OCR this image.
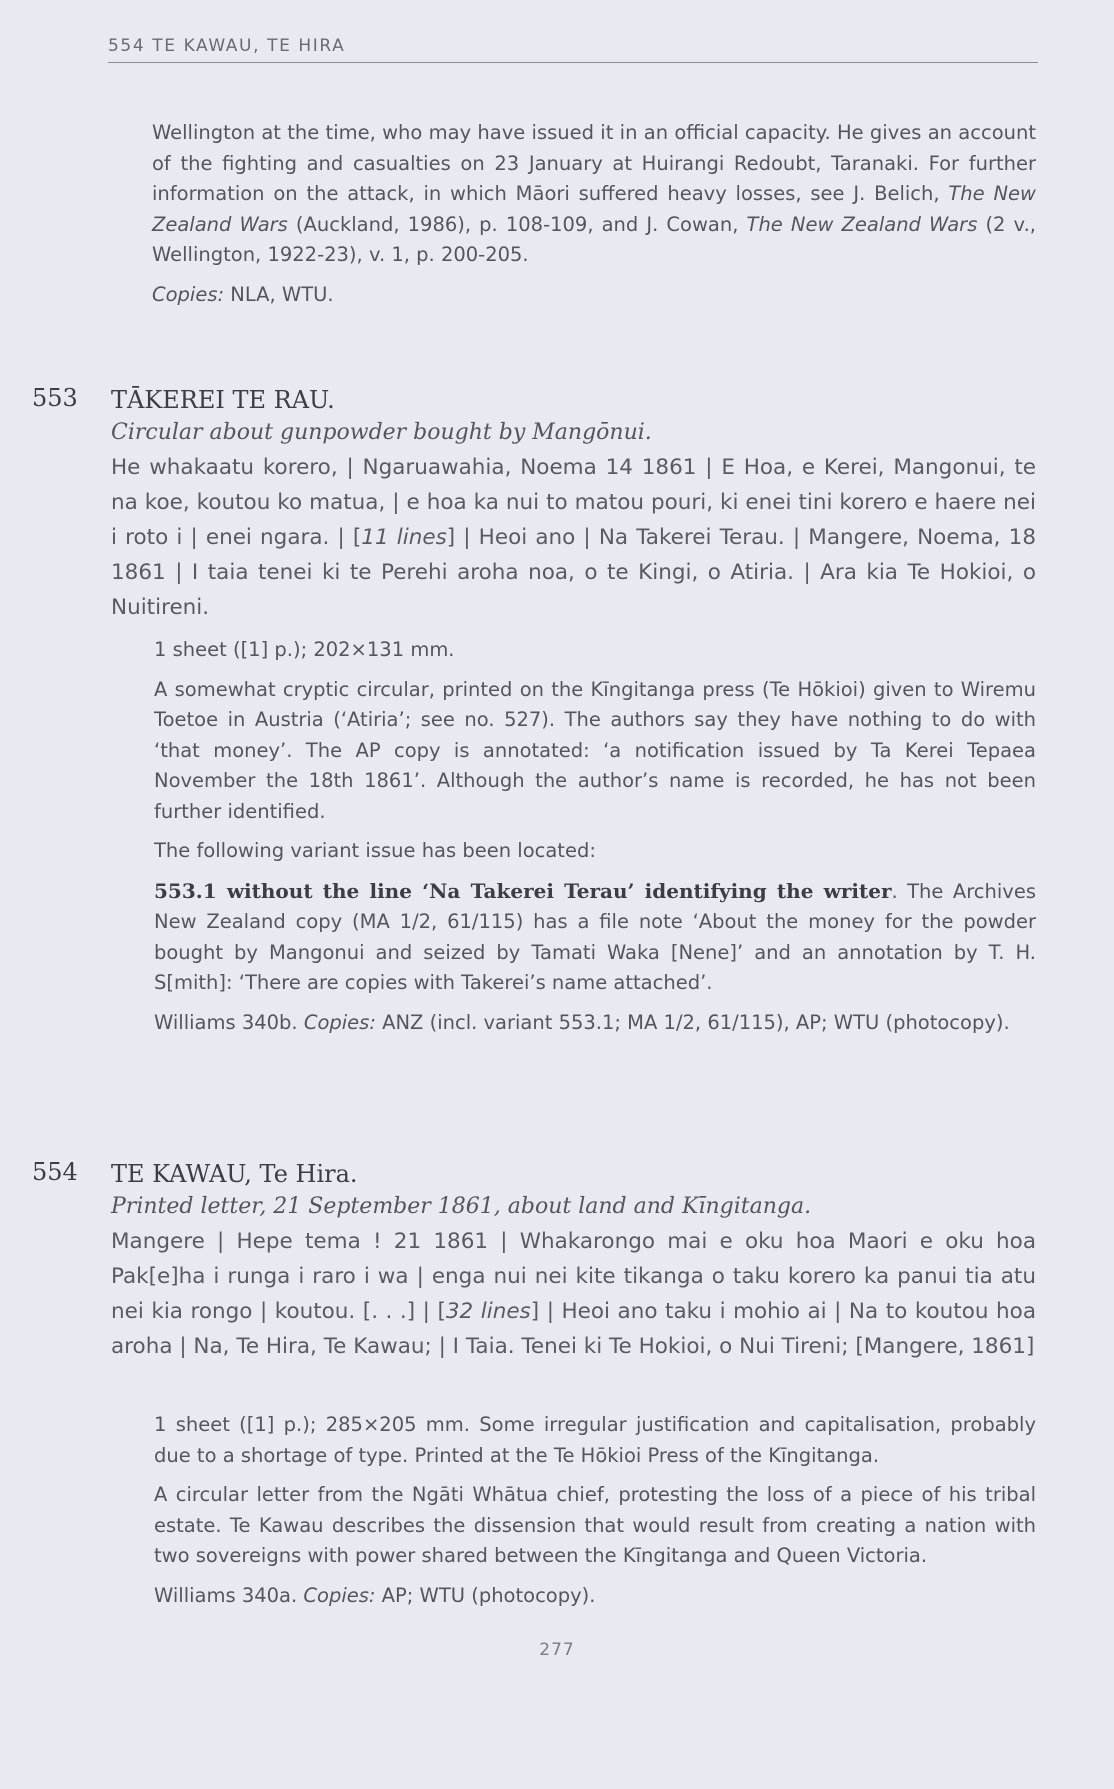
554 TE KAWAU, TE HIRA

Wellington at the time, who may have issued it in an official capacity. He gives an account of the fighting and casualties on 23 January at Huirangi Redoubt, Taranaki. For further information on the attack, in which Māori suffered heavy losses, see J. Belich, The New Zealand Wars (Auckland, 1986), p. 108-109, and J. Cowan, The New Zealand Wars (2 v., Wellington, 1922-23), v. 1, p. 200-205.

Copies: NLA, WTU.

553 TĀKEREI TE RAU.
Circular about gunpowder bought by Mangōnui.
He whakaatu korero, | Ngaruawahia, Noema 14 1861 | E Hoa, e Kerei, Mangonui, te na koe, koutou ko matua, | e hoa ka nui to matou pouri, ki enei tini korero e haere nei i roto i | enei ngara. | [11 lines] | Heoi ano | Na Takerei Terau. | Mangere, Noema, 18 1861 | I taia tenei ki te Perehi aroha noa, o te Kingi, o Atiria. | Ara kia Te Hokioi, o Nuitireni.

1 sheet ([1] p.); 202×131 mm.

A somewhat cryptic circular, printed on the Kīngitanga press (Te Hōkioi) given to Wiremu Toetoe in Austria (‘Atiria’; see no. 527). The authors say they have nothing to do with ‘that money’. The AP copy is annotated: ‘a notification issued by Ta Kerei Tepaea November the 18th 1861’. Although the author’s name is recorded, he has not been further identified.

The following variant issue has been located:

553.1 without the line ‘Na Takerei Terau’ identifying the writer. The Archives New Zealand copy (MA 1/2, 61/115) has a file note ‘About the money for the powder bought by Mangonui and seized by Tamati Waka [Nene]’ and an annotation by T. H. S[mith]: ‘There are copies with Takerei’s name attached’.

Williams 340b. Copies: ANZ (incl. variant 553.1; MA 1/2, 61/115), AP; WTU (photocopy).

554 TE KAWAU, Te Hira.
Printed letter, 21 September 1861, about land and Kīngitanga.
Mangere | Hepe tema ! 21 1861 | Whakarongo mai e oku hoa Maori e oku hoa Pak[e]ha i runga i raro i wa | enga nui nei kite tikanga o taku korero ka panui tia atu nei kia rongo | koutou. [. . .] | [32 lines] | Heoi ano taku i mohio ai | Na to koutou hoa aroha | Na, Te Hira, Te Kawau; | I Taia. Tenei ki Te Hokioi, o Nui Tireni; [Mangere, 1861]

1 sheet ([1] p.); 285×205 mm. Some irregular justification and capitalisation, probably due to a shortage of type. Printed at the Te Hōkioi Press of the Kīngitanga.

A circular letter from the Ngāti Whātua chief, protesting the loss of a piece of his tribal estate. Te Kawau describes the dissension that would result from creating a nation with two sovereigns with power shared between the Kīngitanga and Queen Victoria.

Williams 340a. Copies: AP; WTU (photocopy).

277
